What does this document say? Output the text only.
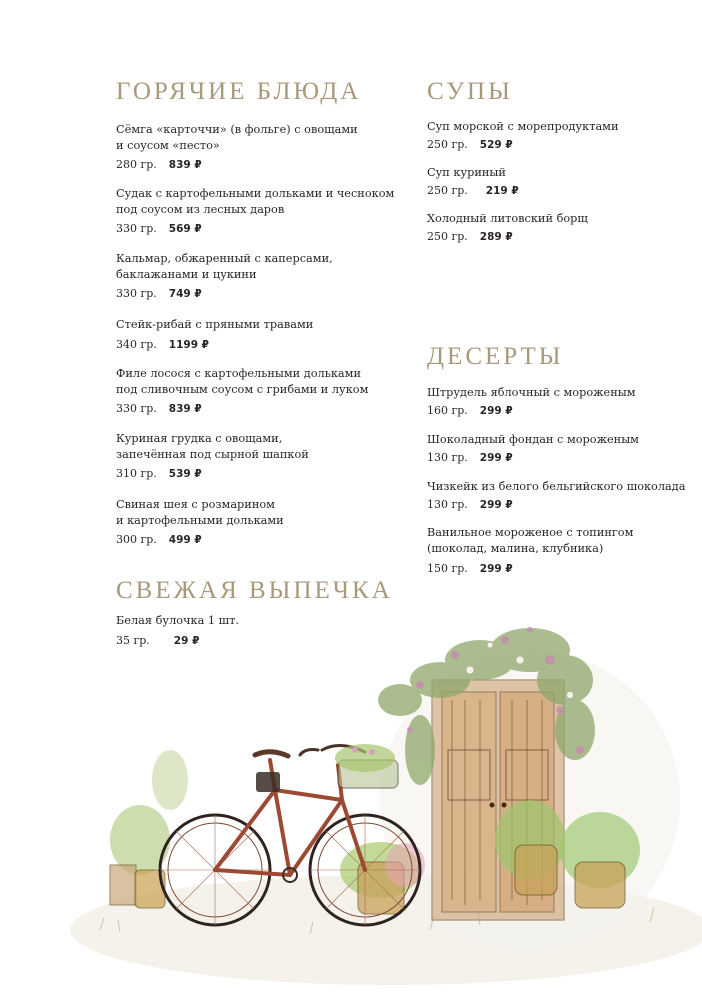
ГОРЯЧИЕ БЛЮДА
Сёмга «карточчи» (в фольге) с овощами
и соусом «песто»
280 гр. 839 ₽
Судак с картофельными дольками и чесноком
под соусом из лесных даров
330 гр. 569 ₽
Кальмар, обжаренный с каперсами,
баклажанами и цукини
330 гр. 749 ₽
Стейк-рибай с пряными травами
340 гр. 1199 ₽
Филе лосося с картофельными дольками
под сливочным соусом с грибами и луком
330 гр. 839 ₽
Куриная грудка с овощами,
запечённая под сырной шапкой
310 гр. 539 ₽
Свиная шея с розмарином
и картофельными дольками
300 гр. 499 ₽
СВЕЖАЯ ВЫПЕЧКА
Белая булочка 1 шт.
35 гр. 29 ₽
СУПЫ
Суп морской с морепродуктами
250 гр. 529 ₽
Суп куриный
250 гр. 219 ₽
Холодный литовский борщ
250 гр. 289 ₽
ДЕСЕРТЫ
Штрудель яблочный с мороженым
160 гр. 299 ₽
Шоколадный фондан с мороженым
130 гр. 299 ₽
Чизкейк из белого бельгийского шоколада
130 гр. 299 ₽
Ванильное мороженое с топингом
(шоколад, малина, клубника)
150 гр. 299 ₽
